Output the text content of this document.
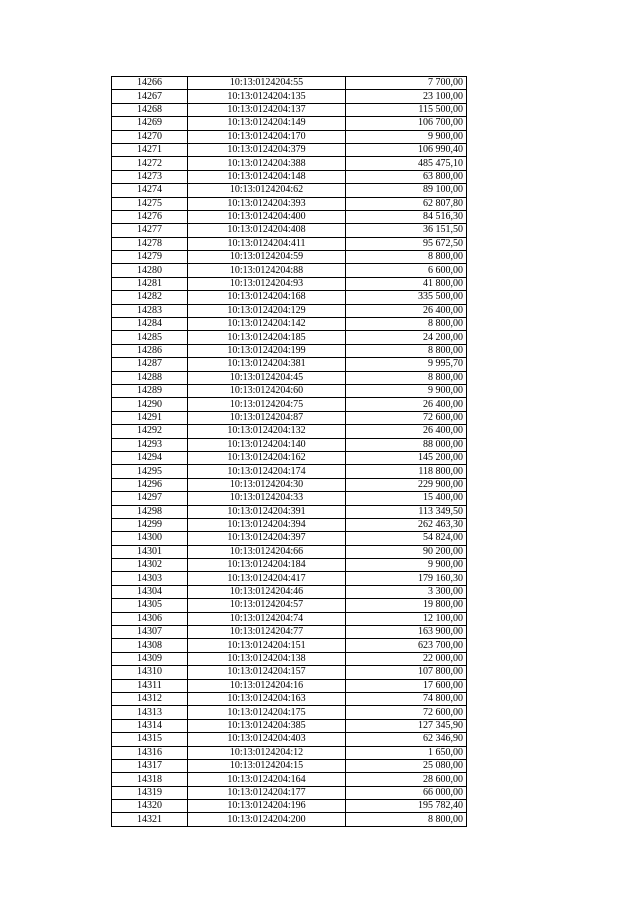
14266	10:13:0124204:55	7 700,00
14267	10:13:0124204:135	23 100,00
14268	10:13:0124204:137	115 500,00
14269	10:13:0124204:149	106 700,00
14270	10:13:0124204:170	9 900,00
14271	10:13:0124204:379	106 990,40
14272	10:13:0124204:388	485 475,10
14273	10:13:0124204:148	63 800,00
14274	10:13:0124204:62	89 100,00
14275	10:13:0124204:393	62 807,80
14276	10:13:0124204:400	84 516,30
14277	10:13:0124204:408	36 151,50
14278	10:13:0124204:411	95 672,50
14279	10:13:0124204:59	8 800,00
14280	10:13:0124204:88	6 600,00
14281	10:13:0124204:93	41 800,00
14282	10:13:0124204:168	335 500,00
14283	10:13:0124204:129	26 400,00
14284	10:13:0124204:142	8 800,00
14285	10:13:0124204:185	24 200,00
14286	10:13:0124204:199	8 800,00
14287	10:13:0124204:381	9 995,70
14288	10:13:0124204:45	8 800,00
14289	10:13:0124204:60	9 900,00
14290	10:13:0124204:75	26 400,00
14291	10:13:0124204:87	72 600,00
14292	10:13:0124204:132	26 400,00
14293	10:13:0124204:140	88 000,00
14294	10:13:0124204:162	145 200,00
14295	10:13:0124204:174	118 800,00
14296	10:13:0124204:30	229 900,00
14297	10:13:0124204:33	15 400,00
14298	10:13:0124204:391	113 349,50
14299	10:13:0124204:394	262 463,30
14300	10:13:0124204:397	54 824,00
14301	10:13:0124204:66	90 200,00
14302	10:13:0124204:184	9 900,00
14303	10:13:0124204:417	179 160,30
14304	10:13:0124204:46	3 300,00
14305	10:13:0124204:57	19 800,00
14306	10:13:0124204:74	12 100,00
14307	10:13:0124204:77	163 900,00
14308	10:13:0124204:151	623 700,00
14309	10:13:0124204:138	22 000,00
14310	10:13:0124204:157	107 800,00
14311	10:13:0124204:16	17 600,00
14312	10:13:0124204:163	74 800,00
14313	10:13:0124204:175	72 600,00
14314	10:13:0124204:385	127 345,90
14315	10:13:0124204:403	62 346,90
14316	10:13:0124204:12	1 650,00
14317	10:13:0124204:15	25 080,00
14318	10:13:0124204:164	28 600,00
14319	10:13:0124204:177	66 000,00
14320	10:13:0124204:196	195 782,40
14321	10:13:0124204:200	8 800,00
